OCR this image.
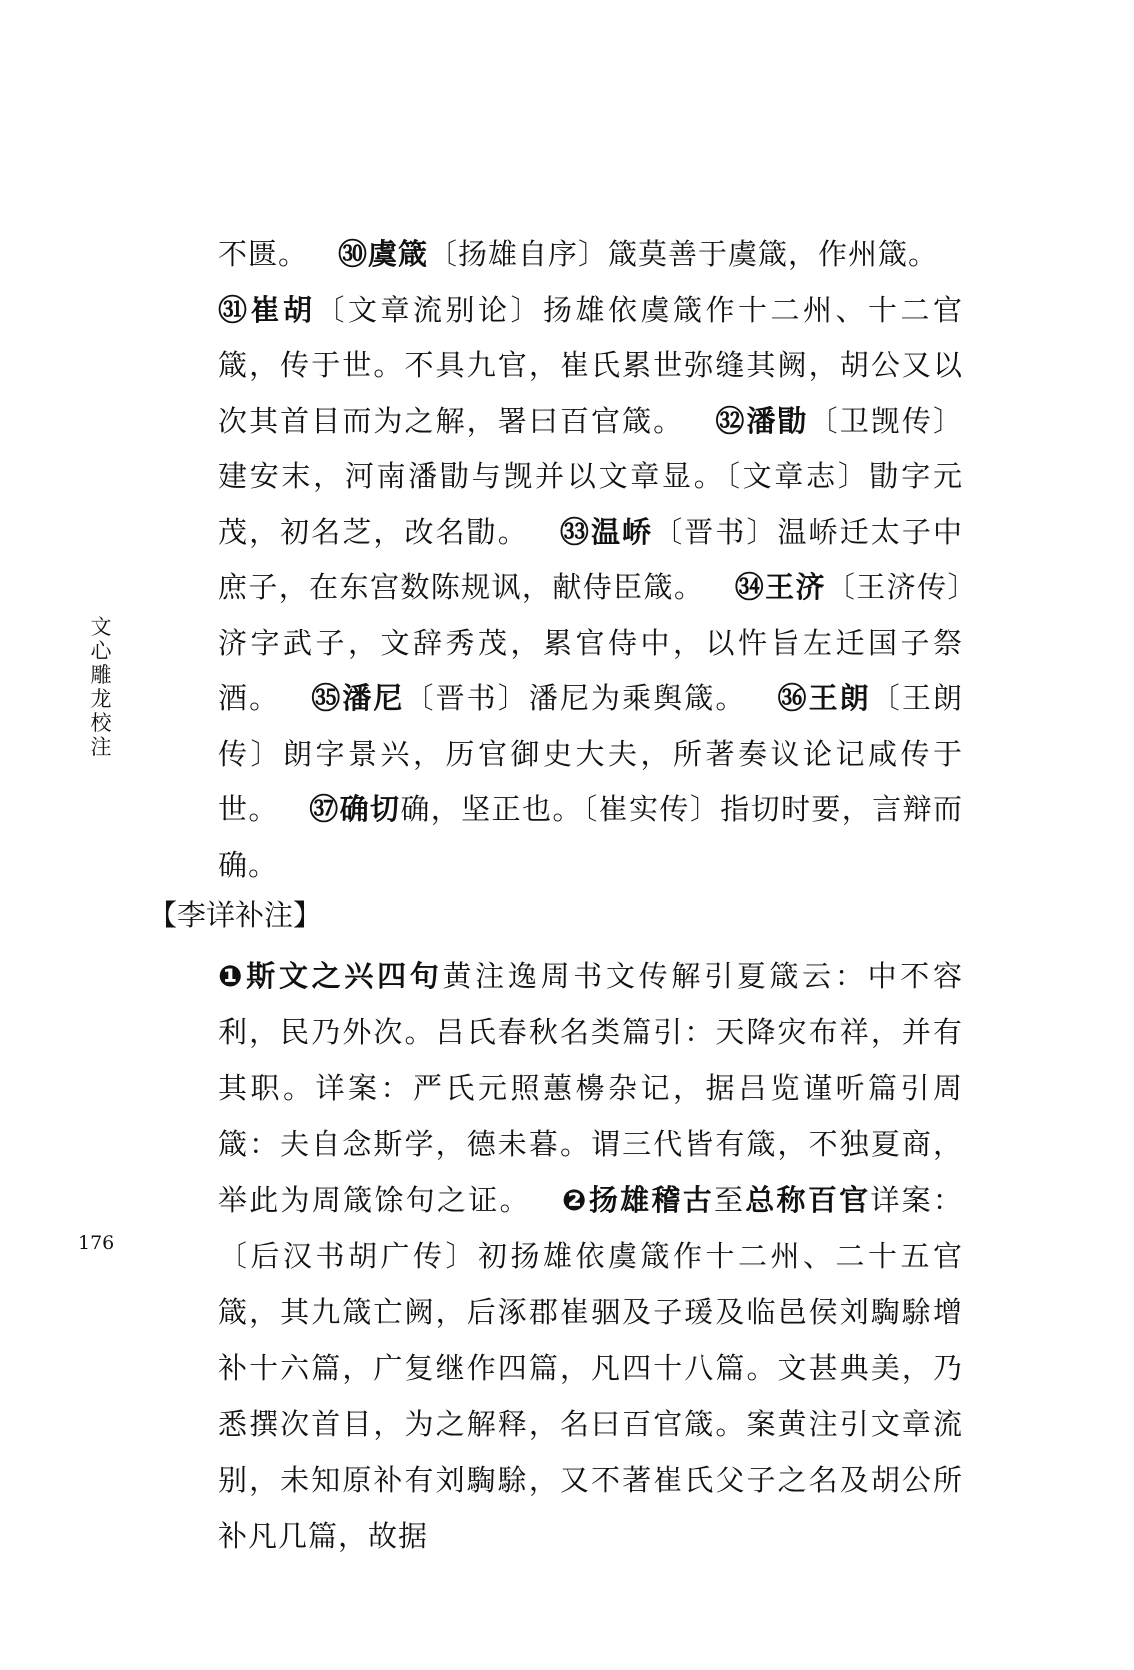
文心雕龙校注
176
不匮。 ㉚虞箴〔扬雄自序〕箴莫善于虞箴，作州箴。
㉛崔胡〔文章流别论〕扬雄依虞箴作十二州、十二官箴，传于世。不具九官，崔氏累世弥缝其阙，胡公又以次其首目而为之解，署曰百官箴。 ㉜潘勖〔卫觊传〕建安末，河南潘勖与觊并以文章显。〔文章志〕勖字元茂，初名芝，改名勖。 ㉝温峤〔晋书〕温峤迁太子中庶子，在东宫数陈规讽，献侍臣箴。 ㉞王济〔王济传〕济字武子，文辞秀茂，累官侍中，以忤旨左迁国子祭酒。 ㉟潘尼〔晋书〕潘尼为乘舆箴。 ㊱王朗〔王朗传〕朗字景兴，历官御史大夫，所著奏议论记咸传于世。 ㊲确切确，坚正也。〔崔实传〕指切时要，言辩而确。
【李详补注】
❶斯文之兴四句黄注逸周书文传解引夏箴云：中不容利，民乃外次。吕氏春秋名类篇引：天降灾布祥，并有其职。详案：严氏元照蕙櫋杂记，据吕览谨听篇引周箴：夫自念斯学，德未暮。谓三代皆有箴，不独夏商，举此为周箴馀句之证。 ❷扬雄稽古至总称百官详案：〔后汉书胡广传〕初扬雄依虞箴作十二州、二十五官箴，其九箴亡阙，后涿郡崔骃及子瑗及临邑侯刘騊駼增补十六篇，广复继作四篇，凡四十八篇。文甚典美，乃悉撰次首目，为之解释，名曰百官箴。案黄注引文章流别，未知原补有刘騊駼，又不著崔氏父子之名及胡公所补凡几篇，故据
